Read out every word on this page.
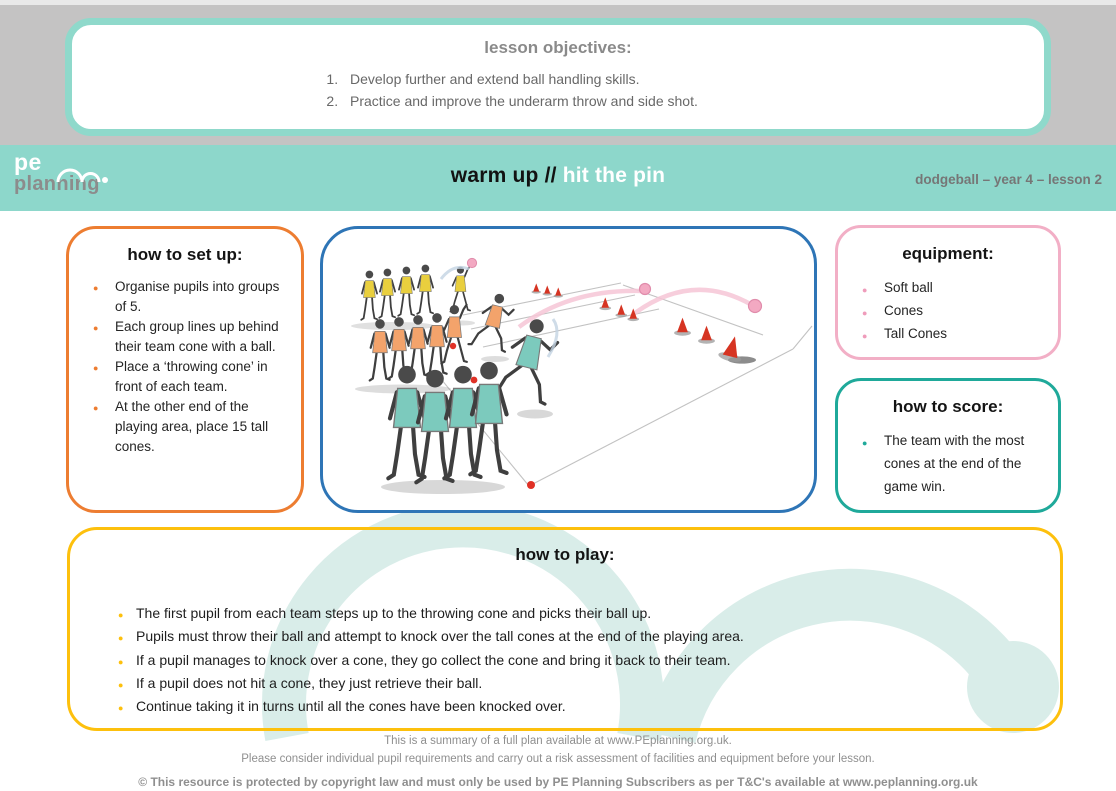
lesson objectives:
1. Develop further and extend ball handling skills.
2. Practice and improve the underarm throw and side shot.
pe
planning	warm up // hit the pin	dodgeball – year 4 – lesson 2
how to set up:
● Organise pupils into groups of 5.
● Each group lines up behind their team cone with a ball.
● Place a ‘throwing cone’ in front of each team.
● At the other end of the playing area, place 15 tall cones.
equipment:
● Soft ball
● Cones
● Tall Cones
how to score:
● The team with the most cones at the end of the game win.
how to play:
● The first pupil from each team steps up to the throwing cone and picks their ball up.
● Pupils must throw their ball and attempt to knock over the tall cones at the end of the playing area.
● If a pupil manages to knock over a cone, they go collect the cone and bring it back to their team.
● If a pupil does not hit a cone, they just retrieve their ball.
● Continue taking it in turns until all the cones have been knocked over.
This is a summary of a full plan available at www.PEplanning.org.uk.
Please consider individual pupil requirements and carry out a risk assessment of facilities and equipment before your lesson.
© This resource is protected by copyright law and must only be used by PE Planning Subscribers as per T&C's available at www.peplanning.org.uk
